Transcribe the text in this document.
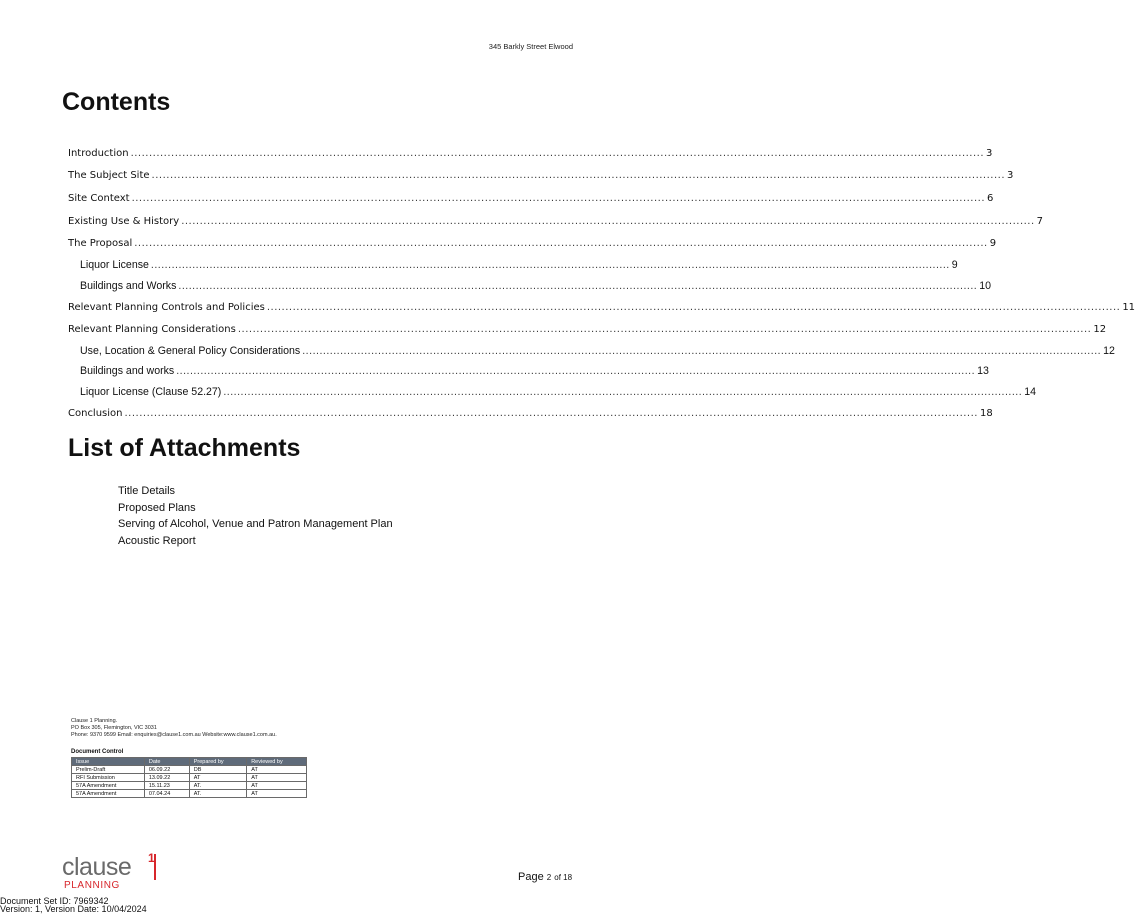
345 Barkly Street Elwood
Contents
Introduction .....	3
The Subject Site .....	3
Site Context .....	6
Existing Use & History .....	7
The Proposal .....	9
Liquor License .....	9
Buildings and Works .....	10
Relevant Planning Controls and Policies .....	11
Relevant Planning Considerations .....	12
Use, Location & General Policy Considerations .....	12
Buildings and works .....	13
Liquor License (Clause 52.27) .....	14
Conclusion .....	18
List of Attachments
Title Details
Proposed Plans
Serving of Alcohol, Venue and Patron Management Plan
Acoustic Report
Clause 1 Planning.
PO Box 305, Flemington, VIC 3031
Phone: 9370 9599 Email: enquiries@clause1.com.au Website:www.clause1.com.au.
Document Control
Issue	Date	Prepared by	Reviewed by
Prelim-Draft	06.09.22	DB	AT
RFI Submission	13.09.22	AT	AT
57A Amendment	15.11.23	AT.	AT
57A Amendment	07.04.24	AT.	AT
clause 1
PLANNING
Page 2 of 18
Document Set ID: 7969342
Version: 1, Version Date: 10/04/2024
